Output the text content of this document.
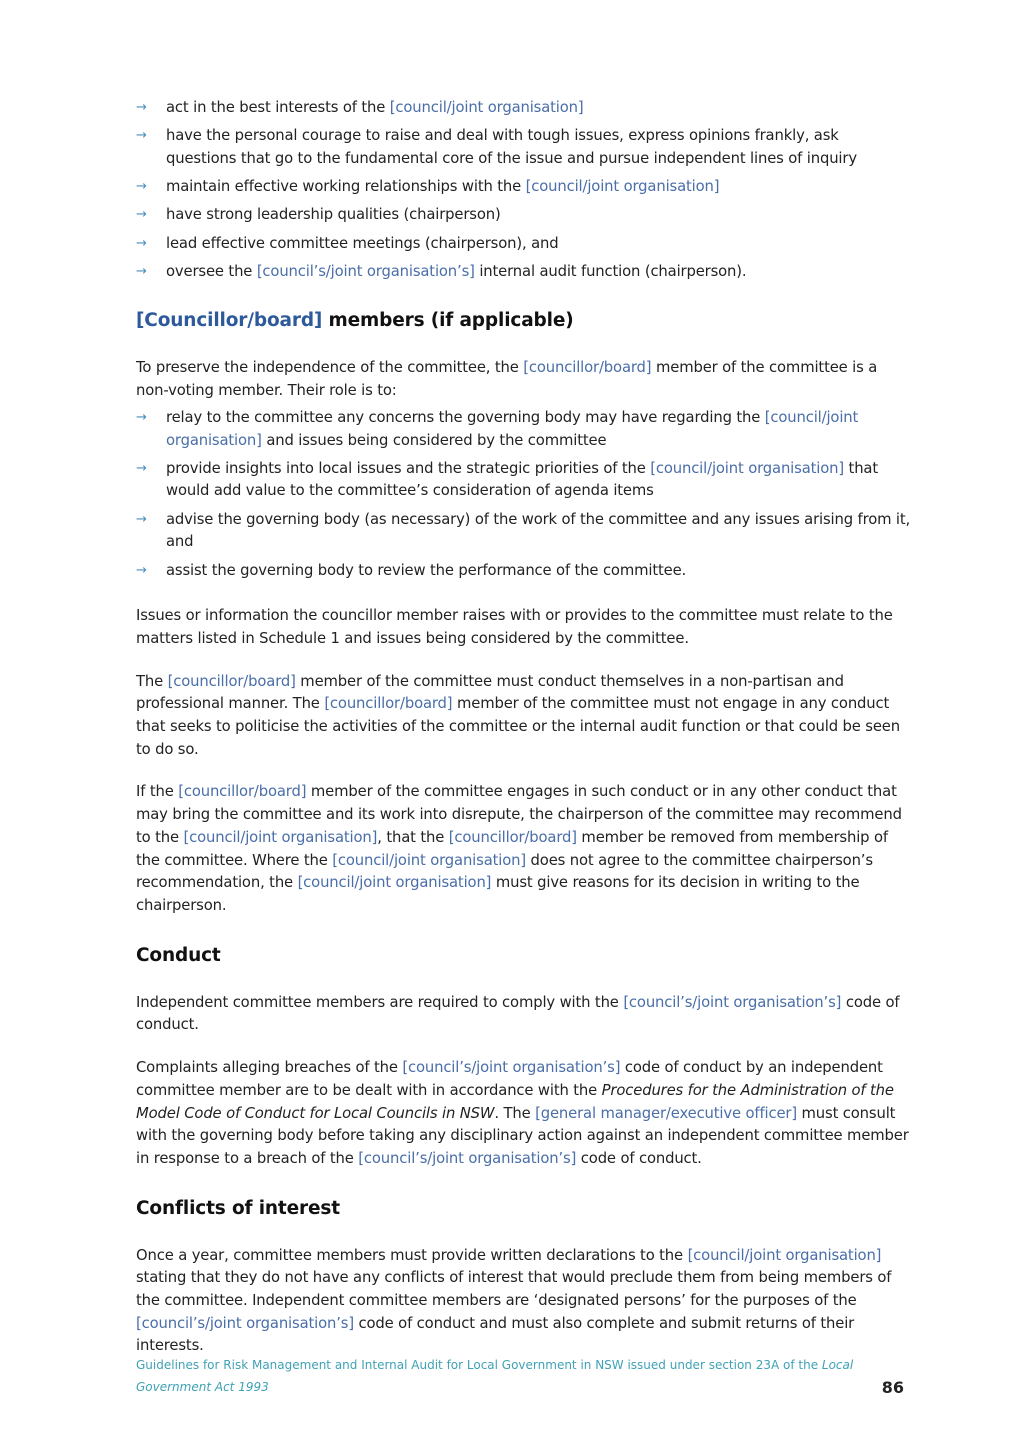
→ act in the best interests of the [council/joint organisation]
→ have the personal courage to raise and deal with tough issues, express opinions frankly, ask questions that go to the fundamental core of the issue and pursue independent lines of inquiry
→ maintain effective working relationships with the [council/joint organisation]
→ have strong leadership qualities (chairperson)
→ lead effective committee meetings (chairperson), and
→ oversee the [council’s/joint organisation’s] internal audit function (chairperson).
[Councillor/board] members (if applicable)

To preserve the independence of the committee, the [councillor/board] member of the committee is a non-voting member. Their role is to:

→ relay to the committee any concerns the governing body may have regarding the [council/joint organisation] and issues being considered by the committee
→ provide insights into local issues and the strategic priorities of the [council/joint organisation] that would add value to the committee’s consideration of agenda items
→ advise the governing body (as necessary) of the work of the committee and any issues arising from it, and
→ assist the governing body to review the performance of the committee.

Issues or information the councillor member raises with or provides to the committee must relate to the matters listed in Schedule 1 and issues being considered by the committee.

The [councillor/board] member of the committee must conduct themselves in a non-partisan and professional manner. The [councillor/board] member of the committee must not engage in any conduct that seeks to politicise the activities of the committee or the internal audit function or that could be seen to do so.

If the [councillor/board] member of the committee engages in such conduct or in any other conduct that may bring the committee and its work into disrepute, the chairperson of the committee may recommend to the [council/joint organisation], that the [councillor/board] member be removed from membership of the committee. Where the [council/joint organisation] does not agree to the committee chairperson’s recommendation, the [council/joint organisation] must give reasons for its decision in writing to the chairperson.

Conduct

Independent committee members are required to comply with the [council’s/joint organisation’s] code of conduct.

Complaints alleging breaches of the [council’s/joint organisation’s] code of conduct by an independent committee member are to be dealt with in accordance with the Procedures for the Administration of the Model Code of Conduct for Local Councils in NSW. The [general manager/executive officer] must consult with the governing body before taking any disciplinary action against an independent committee member in response to a breach of the [council’s/joint organisation’s] code of conduct.

Conflicts of interest

Once a year, committee members must provide written declarations to the [council/joint organisation] stating that they do not have any conflicts of interest that would preclude them from being members of the committee. Independent committee members are ‘designated persons’ for the purposes of the [council’s/joint organisation’s] code of conduct and must also complete and submit returns of their interests.

Guidelines for Risk Management and Internal Audit for Local Government in NSW issued under section 23A of the Local Government Act 1993	86
